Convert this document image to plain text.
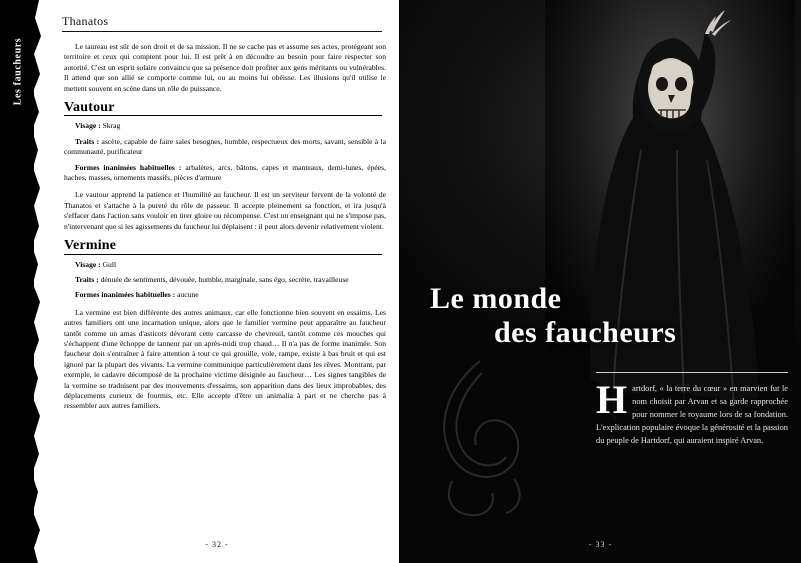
Les faucheurs
Thanatos

Le taureau est sûr de son droit et de sa mission. Il ne se cache pas et assume ses actes, protégeant son territoire et ceux qui comptent pour lui. Il est prêt à en découdre au besoin pour faire respecter son autorité. C'est un esprit solaire convaincu que sa présence doit profiter aux gens méritants ou vulnérables. Il attend que son allié se comporte comme lui, ou au moins lui obéisse. Les illusions qu'il utilise le mettent souvent en scène dans un rôle de puissance.

Vautour

Visage : Skrag

Traits : ascète, capable de faire sales besognes, humble, respectueux des morts, savant, sensible à la communauté, purificateur

Formes inanimées habituelles : arbalètes, arcs, bâtons, capes et manteaux, demi-lunes, épées, haches, masses, ornements massifs, pièces d'armure

Le vautour apprend la patience et l'humilité au faucheur. Il est un serviteur fervent de la volonté de Thanatos et s'attache à la pureté du rôle de passeur. Il accepte pleinement sa fonction, et ira jusqu'à s'effacer dans l'action sans vouloir en tirer gloire ou récompense. C'est un enseignant qui ne s'impose pas, n'intervenant que si les agissements du faucheur lui déplaisent : il peut alors devenir relativement violent.

Vermine

Visage : Gull

Traits : dénuée de sentiments, dévouée, humble, marginale, sans égo, secrète, travailleuse

Formes inanimées habituelles : aucune

La vermine est bien différente des autres animaux, car elle fonctionne bien souvent en essaims. Les autres familiers ont une incarnation unique, alors que le familier vermine peut apparaître au faucheur tantôt comme un amas d'asticots dévorant cette carcasse de chevreuil, tantôt comme ces mouches qui s'échappent d'une échoppe de tanneur par un après-midi trop chaud… Il n'a pas de forme inanimée. Son faucheur doit s'entraîner à faire attention à tout ce qui grouille, vole, rampe, existe à bas bruit et qui est ignoré par la plupart des vivants. La vermine communique particulièrement dans les rêves. Montrant, par exemple, le cadavre décomposé de la prochaine victime désignée au faucheur… Les signes tangibles de la vermine se traduisent par des mouvements d'essaims, son apparition dans des lieux improbables, des déplacements curieux de fourmis, etc. Elle accepte d'être un animalia à part et ne cherche pas à ressembler aux autres familiers.

- 32 -
Le monde
des faucheurs
Hartdorf, « la terre du cœur » en marvien fut le nom choisit par Arvan et sa garde rapprochée pour nommer le royaume lors de sa fondation. L'explication populaire évoque la générosité et la passion du peuple de Hartdorf, qui auraient inspiré Arvan.
- 33 -
